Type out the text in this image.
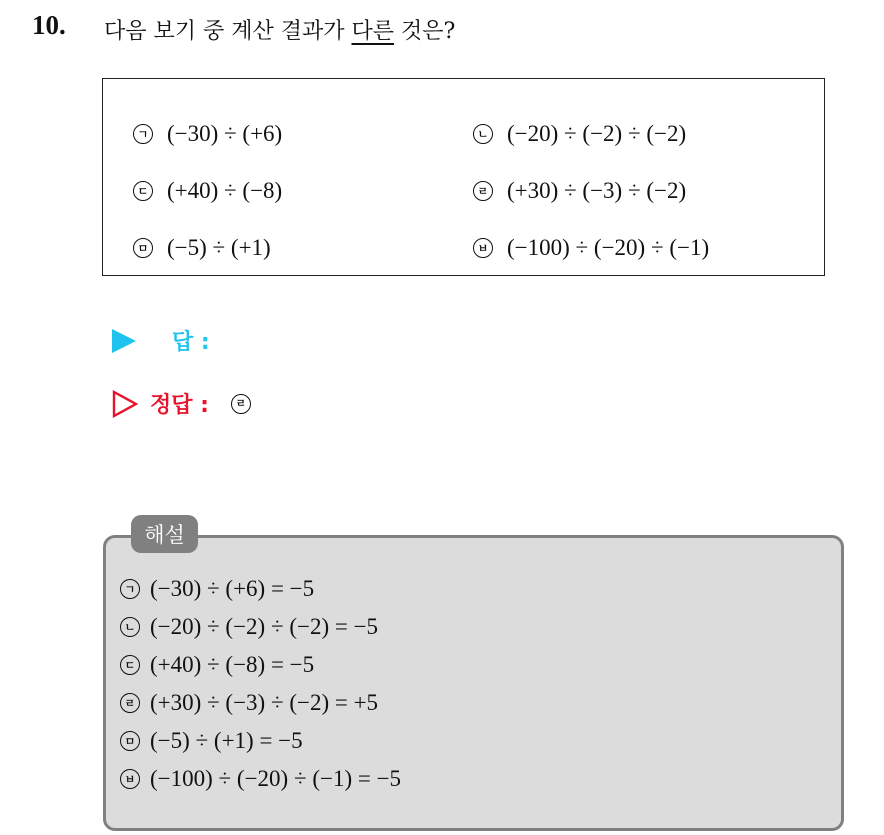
10. 다음 보기 중 계산 결과가 다른 것은?
ㄱ (−30) ÷ (+6)	ㄴ (−20) ÷ (−2) ÷ (−2)
ㄷ (+40) ÷ (−8)	ㄹ (+30) ÷ (−3) ÷ (−2)
ㅁ (−5) ÷ (+1)	ㅂ (−100) ÷ (−20) ÷ (−1)
답 :
정답 :	ㄹ
해설
ㄱ (−30) ÷ (+6) = −5
ㄴ (−20) ÷ (−2) ÷ (−2) = −5
ㄷ (+40) ÷ (−8) = −5
ㄹ (+30) ÷ (−3) ÷ (−2) = +5
ㅁ (−5) ÷ (+1) = −5
ㅂ (−100) ÷ (−20) ÷ (−1) = −5
